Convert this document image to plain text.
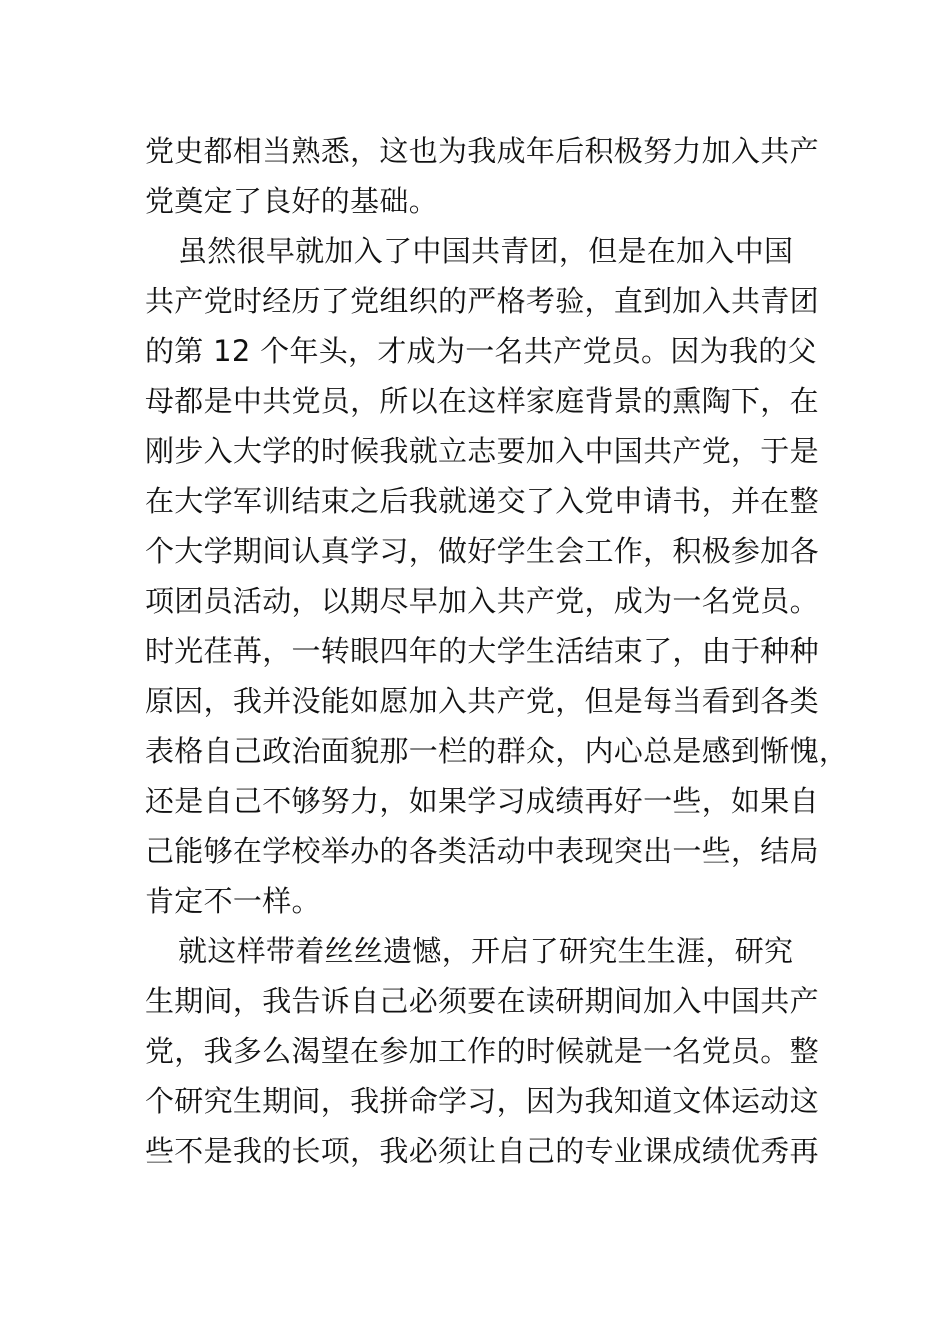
党史都相当熟悉，这也为我成年后积极努力加入共产
党奠定了良好的基础。
虽然很早就加入了中国共青团，但是在加入中国
共产党时经历了党组织的严格考验，直到加入共青团
的第 12 个年头，才成为一名共产党员。因为我的父
母都是中共党员，所以在这样家庭背景的熏陶下，在
刚步入大学的时候我就立志要加入中国共产党，于是
在大学军训结束之后我就递交了入党申请书，并在整
个大学期间认真学习，做好学生会工作，积极参加各
项团员活动，以期尽早加入共产党，成为一名党员。
时光荏苒，一转眼四年的大学生活结束了，由于种种
原因，我并没能如愿加入共产党，但是每当看到各类
表格自己政治面貌那一栏的群众，内心总是感到惭愧，
还是自己不够努力，如果学习成绩再好一些，如果自
己能够在学校举办的各类活动中表现突出一些，结局
肯定不一样。
就这样带着丝丝遗憾，开启了研究生生涯，研究
生期间，我告诉自己必须要在读研期间加入中国共产
党，我多么渴望在参加工作的时候就是一名党员。整
个研究生期间，我拼命学习，因为我知道文体运动这
些不是我的长项，我必须让自己的专业课成绩优秀再
